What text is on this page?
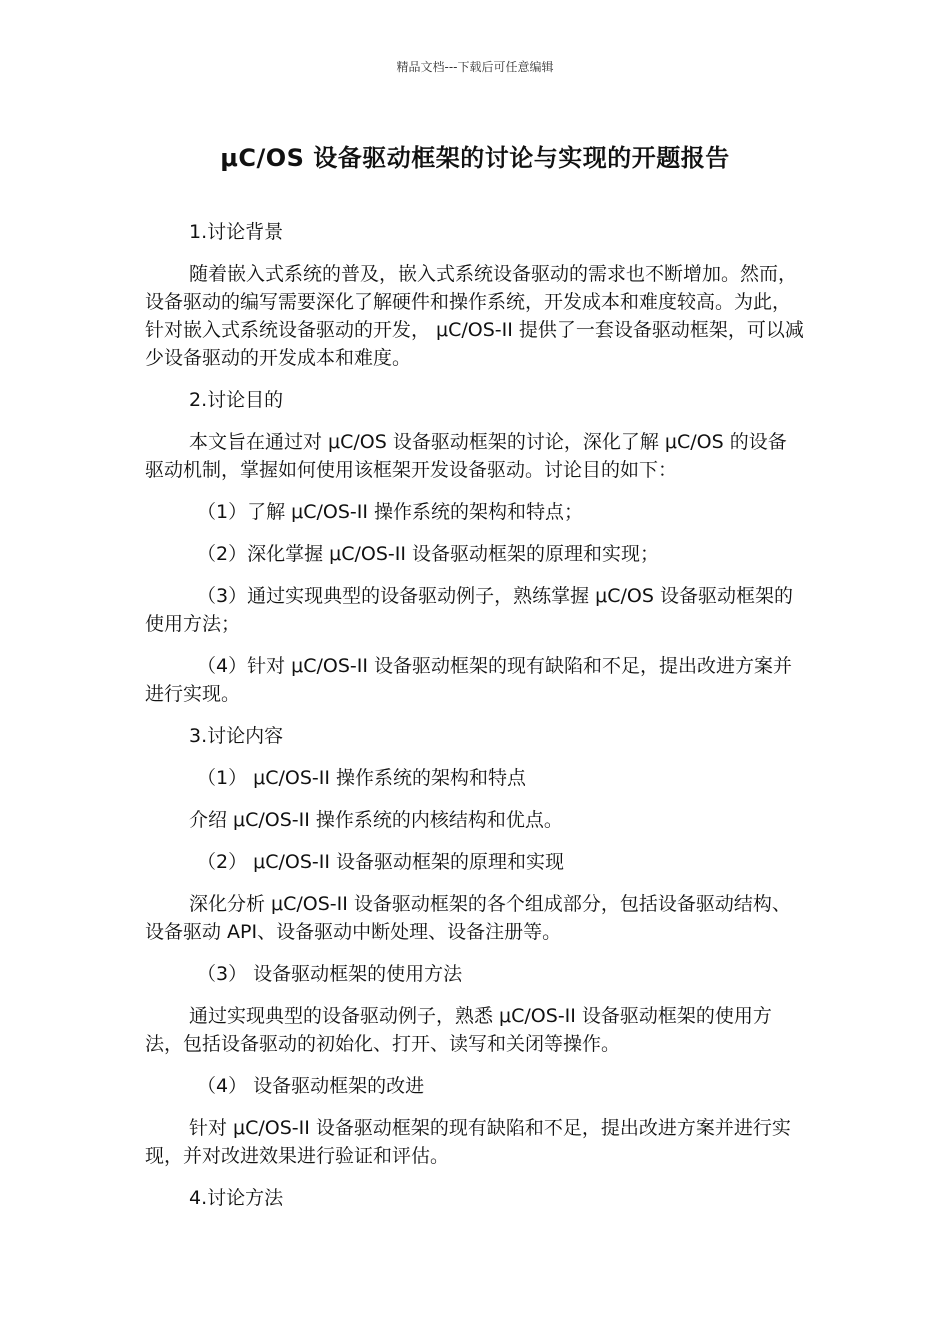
精品文档---下载后可任意编辑
μC/OS 设备驱动框架的讨论与实现的开题报告

1.讨论背景

随着嵌入式系统的普及，嵌入式系统设备驱动的需求也不断增加。然而，设备驱动的编写需要深化了解硬件和操作系统，开发成本和难度较高。为此，针对嵌入式系统设备驱动的开发， μC/OS-II 提供了一套设备驱动框架，可以减少设备驱动的开发成本和难度。

2.讨论目的

本文旨在通过对 μC/OS 设备驱动框架的讨论，深化了解 μC/OS 的设备驱动机制，掌握如何使用该框架开发设备驱动。讨论目的如下：

（1）了解 μC/OS-II 操作系统的架构和特点；

（2）深化掌握 μC/OS-II 设备驱动框架的原理和实现；

（3）通过实现典型的设备驱动例子，熟练掌握 μC/OS 设备驱动框架的使用方法；

（4）针对 μC/OS-II 设备驱动框架的现有缺陷和不足，提出改进方案并进行实现。

3.讨论内容

（1） μC/OS-II 操作系统的架构和特点

介绍 μC/OS-II 操作系统的内核结构和优点。

（2） μC/OS-II 设备驱动框架的原理和实现

深化分析 μC/OS-II 设备驱动框架的各个组成部分，包括设备驱动结构、设备驱动 API、设备驱动中断处理、设备注册等。

（3） 设备驱动框架的使用方法

通过实现典型的设备驱动例子，熟悉 μC/OS-II 设备驱动框架的使用方法，包括设备驱动的初始化、打开、读写和关闭等操作。

（4） 设备驱动框架的改进

针对 μC/OS-II 设备驱动框架的现有缺陷和不足，提出改进方案并进行实现，并对改进效果进行验证和评估。

4.讨论方法
